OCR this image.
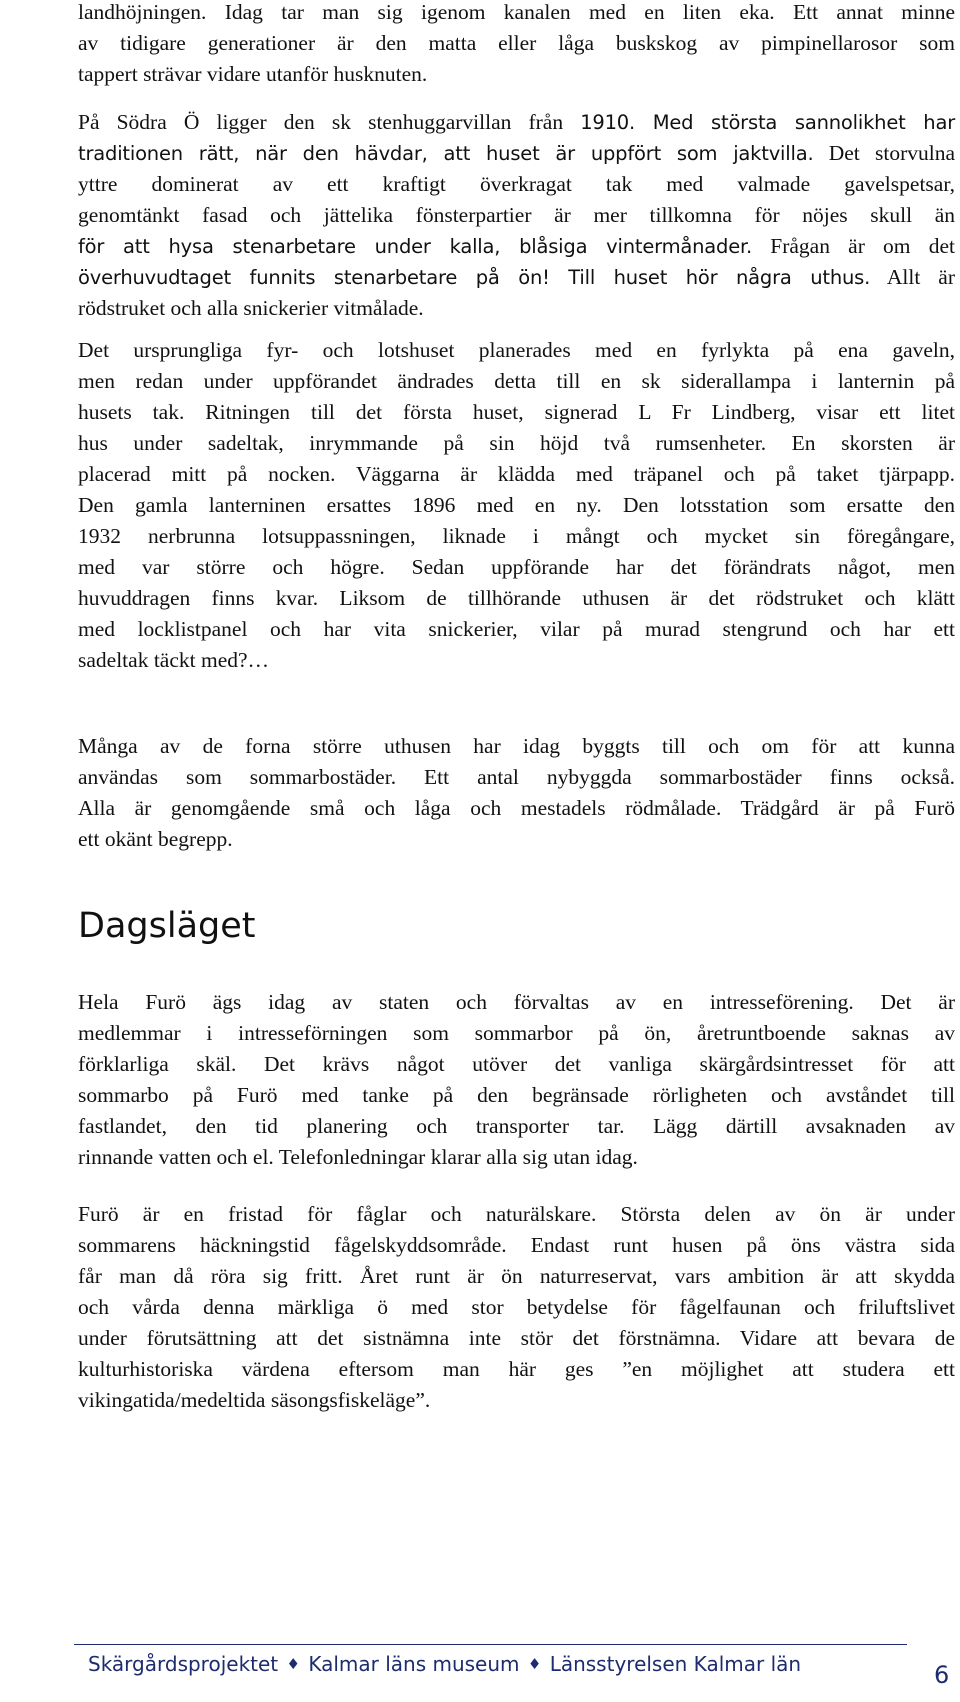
landhöjningen. Idag tar man sig igenom kanalen med en liten eka. Ett annat minne
av tidigare generationer är den matta eller låga buskskog av pimpinellarosor som
tappert strävar vidare utanför husknuten.

På Södra Ö ligger den sk stenhuggarvillan från 1910. Med största sannolikhet har
traditionen rätt, när den hävdar, att huset är uppfört som jaktvilla. Det storvulna
yttre dominerat av ett kraftigt överkragat tak med valmade gavelspetsar,
genomtänkt fasad och jättelika fönsterpartier är mer tillkomna för nöjes skull än
för att hysa stenarbetare under kalla, blåsiga vintermånader. Frågan är om det
överhuvudtaget funnits stenarbetare på ön! Till huset hör några uthus. Allt är
rödstruket och alla snickerier vitmålade.

Det ursprungliga fyr- och lotshuset planerades med en fyrlykta på ena gaveln,
men redan under uppförandet ändrades detta till en sk siderallampa i lanternin på
husets tak. Ritningen till det första huset, signerad L Fr Lindberg, visar ett litet
hus under sadeltak, inrymmande på sin höjd två rumsenheter. En skorsten är
placerad mitt på nocken. Väggarna är klädda med träpanel och på taket tjärpapp.
Den gamla lanterninen ersattes 1896 med en ny. Den lotsstation som ersatte den
1932 nerbrunna lotsuppassningen, liknade i mångt och mycket sin föregångare,
med var större och högre. Sedan uppförande har det förändrats något, men
huvuddragen finns kvar. Liksom de tillhörande uthusen är det rödstruket och klätt
med locklistpanel och har vita snickerier, vilar på murad stengrund och har ett
sadeltak täckt med?…

Många av de forna större uthusen har idag byggts till och om för att kunna
användas som sommarbostäder. Ett antal nybyggda sommarbostäder finns också.
Alla är genomgående små och låga och mestadels rödmålade. Trädgård är på Furö
ett okänt begrepp.

Dagsläget

Hela Furö ägs idag av staten och förvaltas av en intresseförening. Det är
medlemmar i intresseförningen som sommarbor på ön, åretruntboende saknas av
förklarliga skäl. Det krävs något utöver det vanliga skärgårdsintresset för att
sommarbo på Furö med tanke på den begränsade rörligheten och avståndet till
fastlandet, den tid planering och transporter tar. Lägg därtill avsaknaden av
rinnande vatten och el. Telefonledningar klarar alla sig utan idag.

Furö är en fristad för fåglar och naturälskare. Största delen av ön är under
sommarens häckningstid fågelskyddsområde. Endast runt husen på öns västra sida
får man då röra sig fritt. Året runt är ön naturreservat, vars ambition är att skydda
och vårda denna märkliga ö med stor betydelse för fågelfaunan och friluftslivet
under förutsättning att det sistnämna inte stör det förstnämna. Vidare att bevara de
kulturhistoriska värdena eftersom man här ges ”en möjlighet att studera ett
vikingatida/medeltida säsongsfiskeläge”.

Skärgårdsprojektet ♦ Kalmar läns museum ♦ Länsstyrelsen Kalmar län	6
